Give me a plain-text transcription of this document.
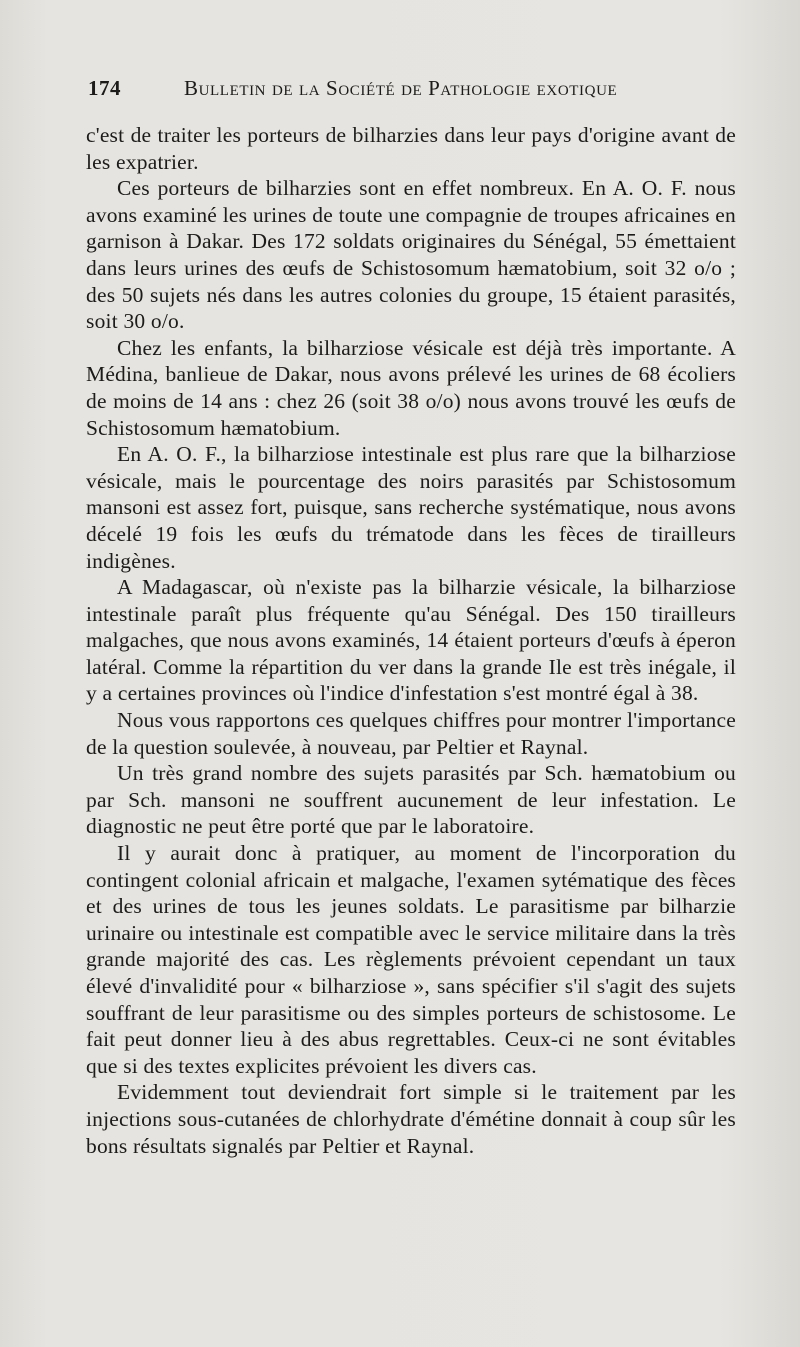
174	Bulletin de la Société de Pathologie exotique

c'est de traiter les porteurs de bilharzies dans leur pays d'origine avant de les expatrier.

Ces porteurs de bilharzies sont en effet nombreux. En A. O. F. nous avons examiné les urines de toute une compagnie de troupes africaines en garnison à Dakar. Des 172 soldats originaires du Sénégal, 55 émettaient dans leurs urines des œufs de Schistosomum hæmatobium, soit 32 o/o ; des 50 sujets nés dans les autres colonies du groupe, 15 étaient parasités, soit 30 o/o.

Chez les enfants, la bilharziose vésicale est déjà très importante. A Médina, banlieue de Dakar, nous avons prélevé les urines de 68 écoliers de moins de 14 ans : chez 26 (soit 38 o/o) nous avons trouvé les œufs de Schistosomum hæmatobium.

En A. O. F., la bilharziose intestinale est plus rare que la bilharziose vésicale, mais le pourcentage des noirs parasités par Schistosomum mansoni est assez fort, puisque, sans recherche systématique, nous avons décelé 19 fois les œufs du trématode dans les fèces de tirailleurs indigènes.

A Madagascar, où n'existe pas la bilharzie vésicale, la bilharziose intestinale paraît plus fréquente qu'au Sénégal. Des 150 tirailleurs malgaches, que nous avons examinés, 14 étaient porteurs d'œufs à éperon latéral. Comme la répartition du ver dans la grande Ile est très inégale, il y a certaines provinces où l'indice d'infestation s'est montré égal à 38.

Nous vous rapportons ces quelques chiffres pour montrer l'importance de la question soulevée, à nouveau, par Peltier et Raynal.

Un très grand nombre des sujets parasités par Sch. hæmatobium ou par Sch. mansoni ne souffrent aucunement de leur infestation. Le diagnostic ne peut être porté que par le laboratoire.

Il y aurait donc à pratiquer, au moment de l'incorporation du contingent colonial africain et malgache, l'examen sytématique des fèces et des urines de tous les jeunes soldats. Le parasitisme par bilharzie urinaire ou intestinale est compatible avec le service militaire dans la très grande majorité des cas. Les règlements prévoient cependant un taux élevé d'invalidité pour « bilharziose », sans spécifier s'il s'agit des sujets souffrant de leur parasitisme ou des simples porteurs de schistosome. Le fait peut donner lieu à des abus regrettables. Ceux-ci ne sont évitables que si des textes explicites prévoient les divers cas.

Evidemment tout deviendrait fort simple si le traitement par les injections sous-cutanées de chlorhydrate d'émétine donnait à coup sûr les bons résultats signalés par Peltier et Raynal.
